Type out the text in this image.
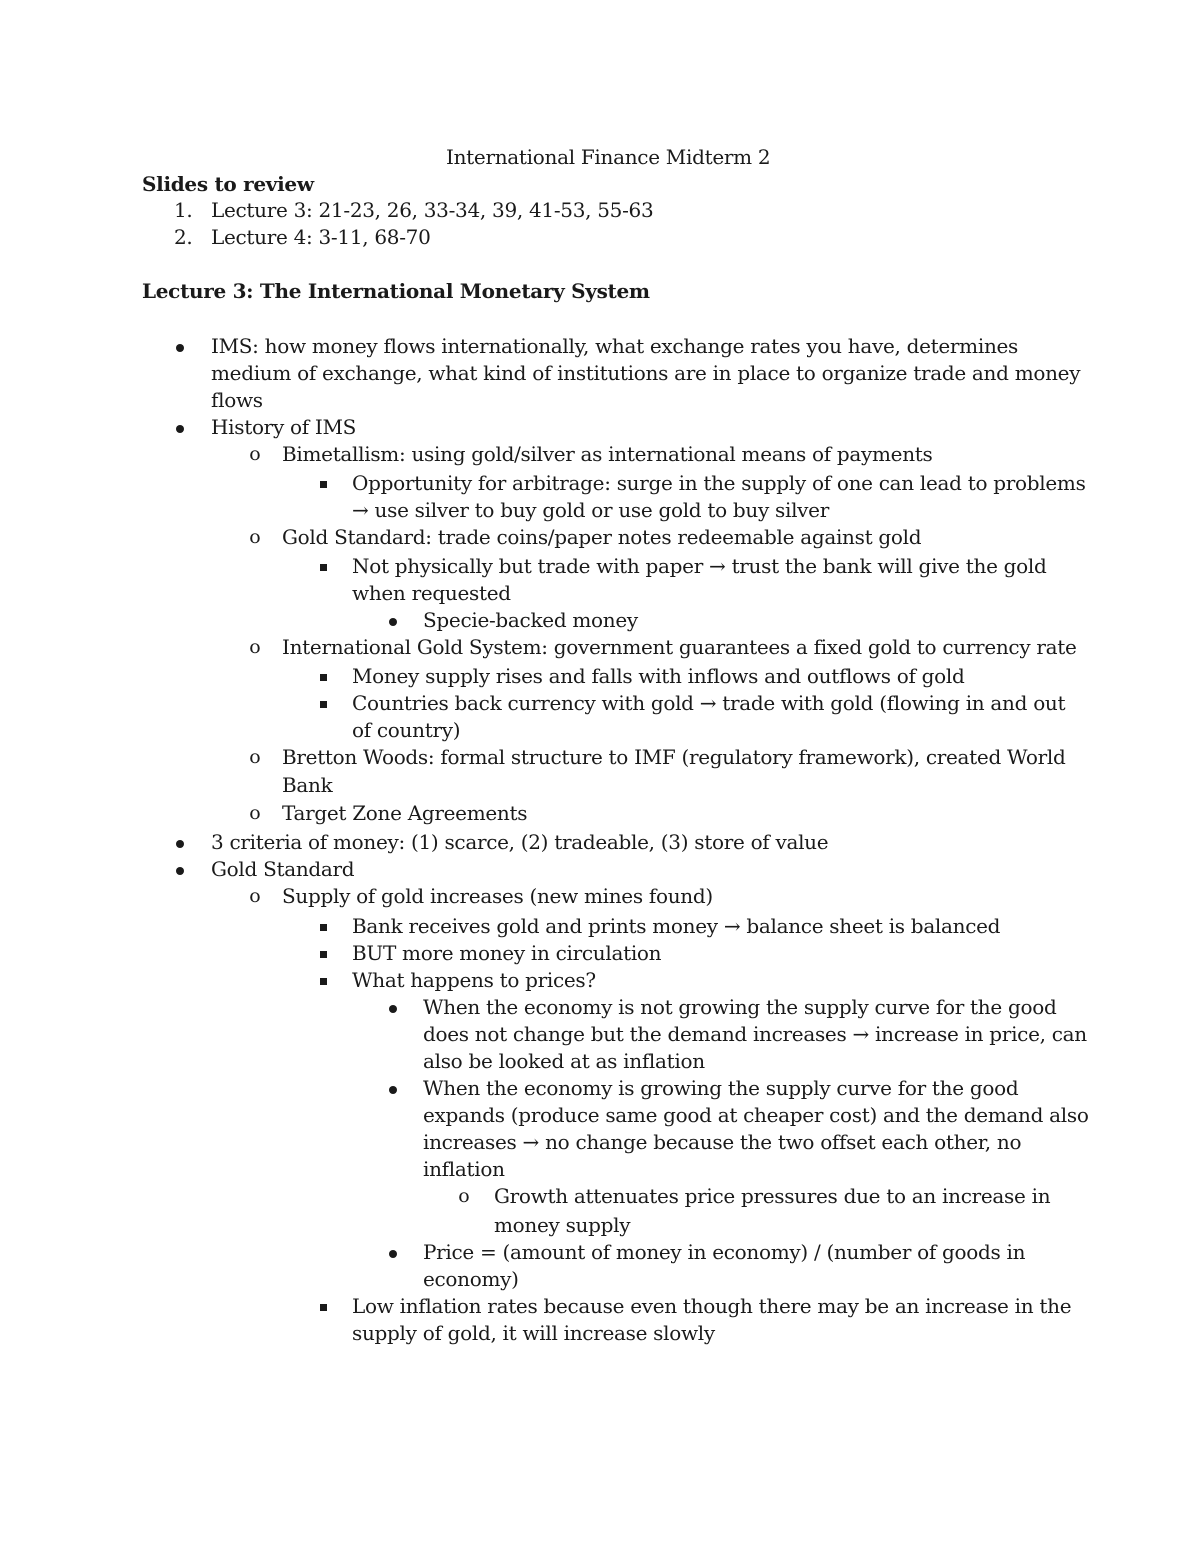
International Finance Midterm 2
Slides to review
1. Lecture 3: 21-23, 26, 33-34, 39, 41-53, 55-63
2. Lecture 4: 3-11, 68-70
Lecture 3: The International Monetary System
IMS: how money flows internationally, what exchange rates you have, determines
medium of exchange, what kind of institutions are in place to organize trade and money
flows
History of IMS
o Bimetallism: using gold/silver as international means of payments
Opportunity for arbitrage: surge in the supply of one can lead to problems
→ use silver to buy gold or use gold to buy silver
o Gold Standard: trade coins/paper notes redeemable against gold
Not physically but trade with paper → trust the bank will give the gold
when requested
Specie-backed money
o International Gold System: government guarantees a fixed gold to currency rate
Money supply rises and falls with inflows and outflows of gold
Countries back currency with gold → trade with gold (flowing in and out
of country)
o Bretton Woods: formal structure to IMF (regulatory framework), created World
Bank
o Target Zone Agreements
3 criteria of money: (1) scarce, (2) tradeable, (3) store of value
Gold Standard
o Supply of gold increases (new mines found)
Bank receives gold and prints money → balance sheet is balanced
BUT more money in circulation
What happens to prices?
When the economy is not growing the supply curve for the good
does not change but the demand increases → increase in price, can
also be looked at as inflation
When the economy is growing the supply curve for the good
expands (produce same good at cheaper cost) and the demand also
increases → no change because the two offset each other, no
inflation
o Growth attenuates price pressures due to an increase in
money supply
Price = (amount of money in economy) / (number of goods in
economy)
Low inflation rates because even though there may be an increase in the
supply of gold, it will increase slowly
